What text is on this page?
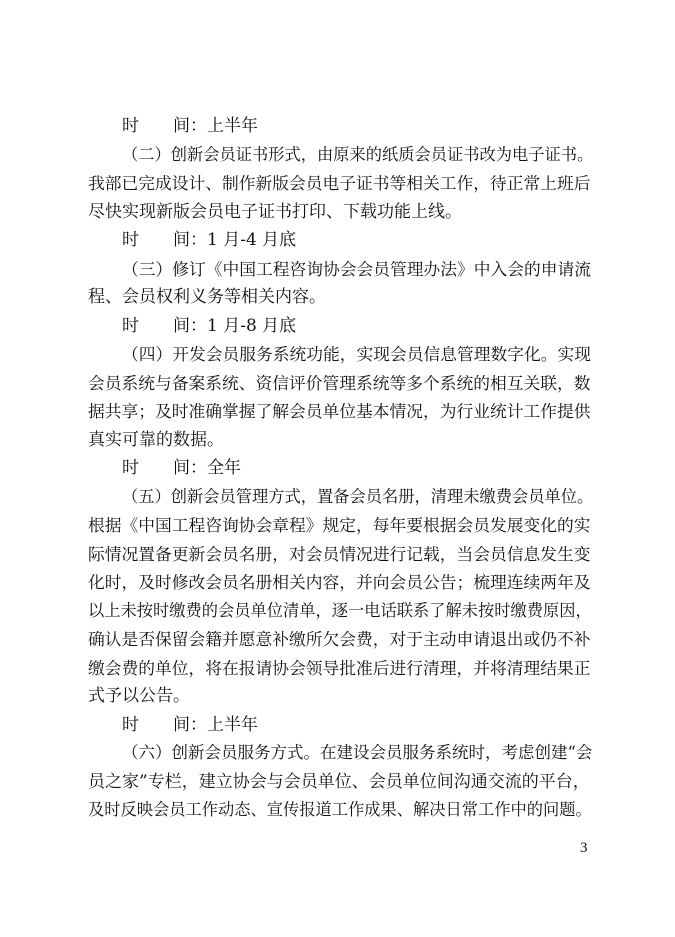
时　　间：上半年
（二）创新会员证书形式，由原来的纸质会员证书改为电子证书。
我部已完成设计、制作新版会员电子证书等相关工作，待正常上班后
尽快实现新版会员电子证书打印、下载功能上线。
时　　间：1 月-4 月底
（三）修订《中国工程咨询协会会员管理办法》中入会的申请流
程、会员权利义务等相关内容。
时　　间：1 月-8 月底
（四）开发会员服务系统功能，实现会员信息管理数字化。实现
会员系统与备案系统、资信评价管理系统等多个系统的相互关联，数
据共享；及时准确掌握了解会员单位基本情况，为行业统计工作提供
真实可靠的数据。
时　　间：全年
（五）创新会员管理方式，置备会员名册，清理未缴费会员单位。
根据《中国工程咨询协会章程》规定，每年要根据会员发展变化的实
际情况置备更新会员名册，对会员情况进行记载，当会员信息发生变
化时，及时修改会员名册相关内容，并向会员公告；梳理连续两年及
以上未按时缴费的会员单位清单，逐一电话联系了解未按时缴费原因，
确认是否保留会籍并愿意补缴所欠会费，对于主动申请退出或仍不补
缴会费的单位，将在报请协会领导批准后进行清理，并将清理结果正
式予以公告。
时　　间：上半年
（六）创新会员服务方式。在建设会员服务系统时，考虑创建“会
员之家”专栏，建立协会与会员单位、会员单位间沟通交流的平台，
及时反映会员工作动态、宣传报道工作成果、解决日常工作中的问题。
3
